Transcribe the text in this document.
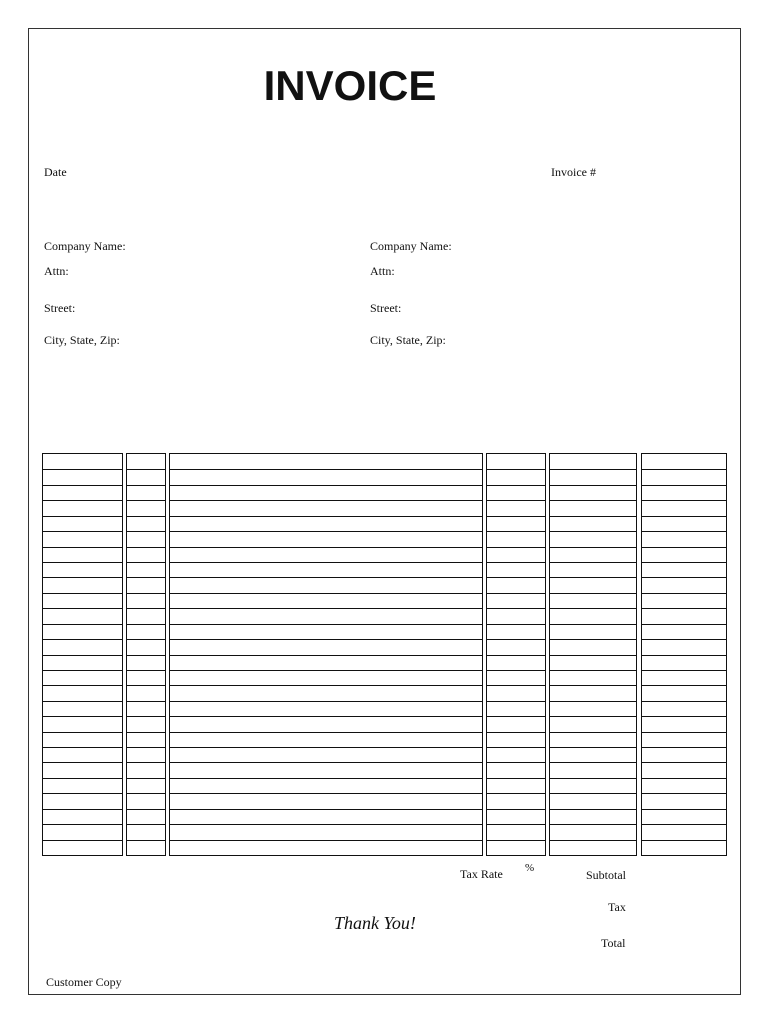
INVOICE
Date	Invoice #
Company Name:
Attn:
Street:
City, State, Zip:
Company Name:
Attn:
Street:
City, State, Zip:
Tax Rate %	Subtotal
Tax
Total
Thank You!
Customer Copy
